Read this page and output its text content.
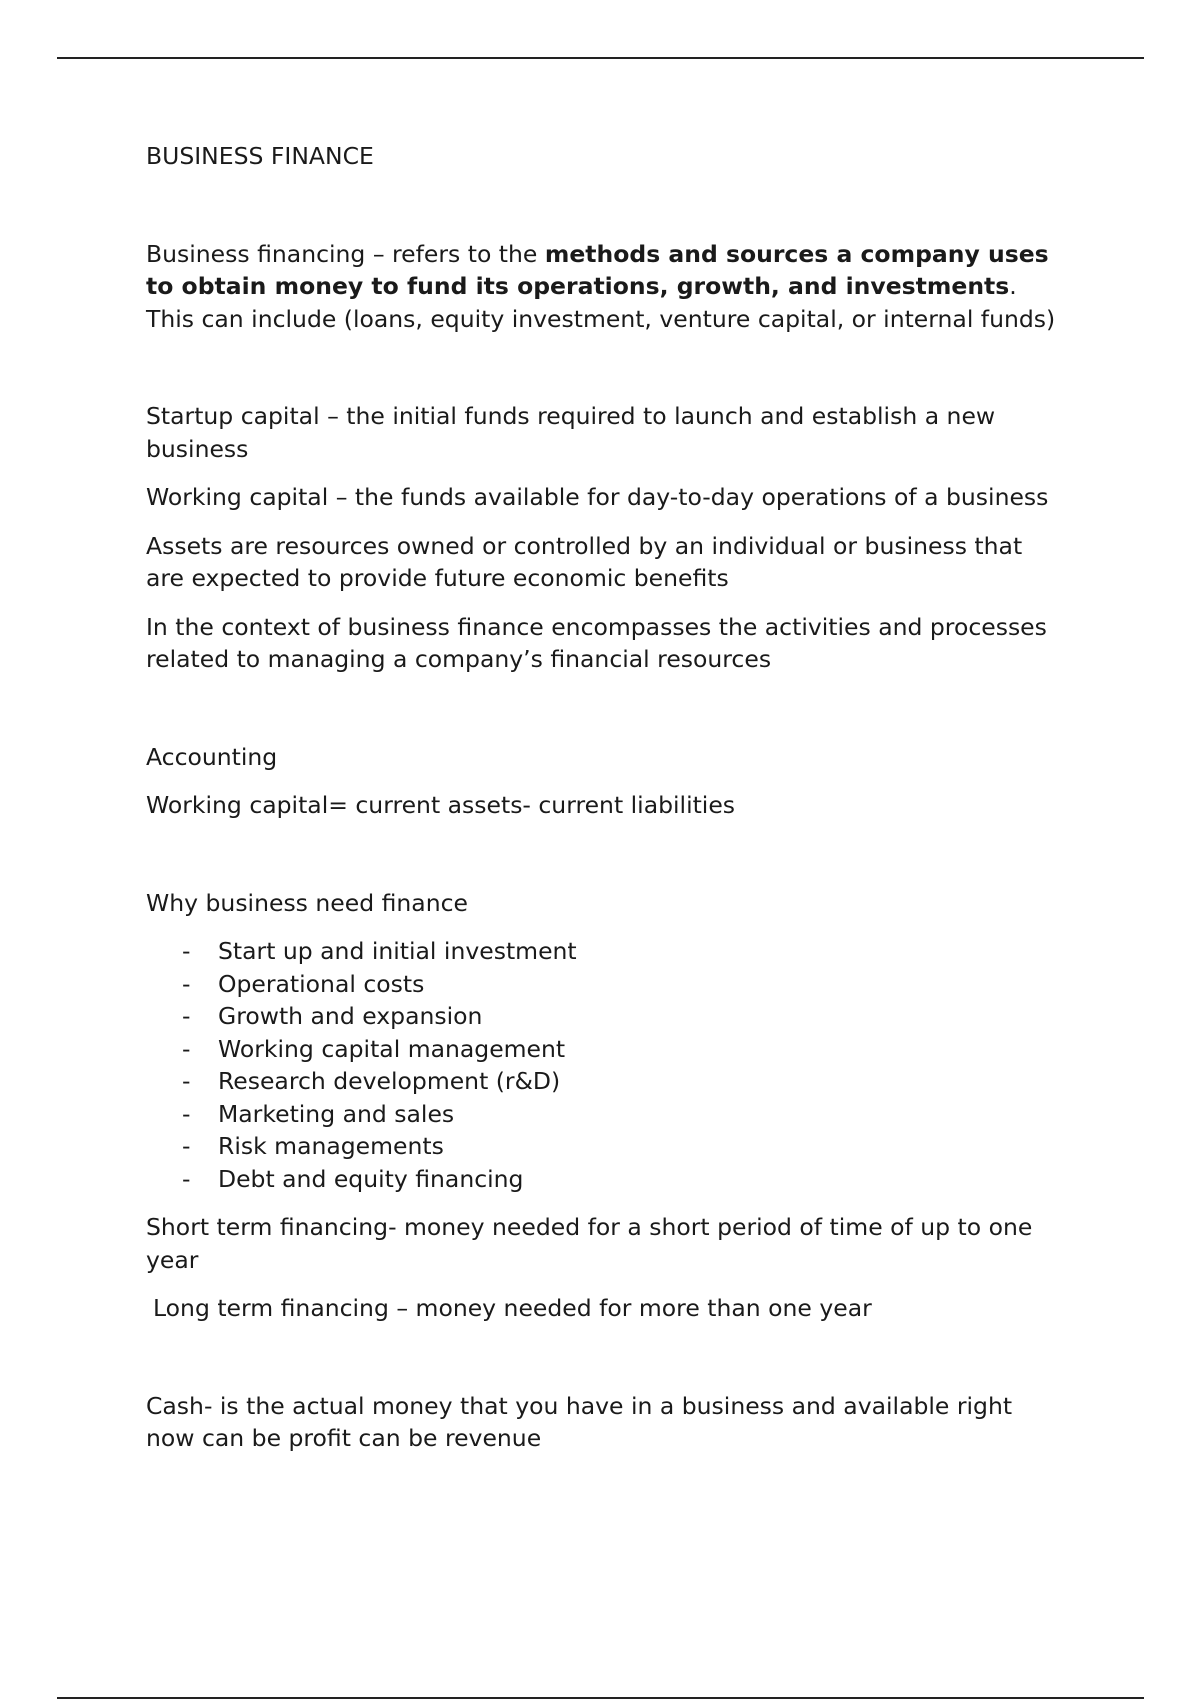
BUSINESS FINANCE

Business financing – refers to the methods and sources a company uses to obtain money to fund its operations, growth, and investments. This can include (loans, equity investment, venture capital, or internal funds)

Startup capital – the initial funds required to launch and establish a new business

Working capital – the funds available for day-to-day operations of a business

Assets are resources owned or controlled by an individual or business that are expected to provide future economic benefits

In the context of business finance encompasses the activities and processes related to managing a company’s financial resources

Accounting

Working capital= current assets- current liabilities

Why business need finance

- Start up and initial investment
- Operational costs
- Growth and expansion
- Working capital management
- Research development (r&D)
- Marketing and sales
- Risk managements
- Debt and equity financing

Short term financing- money needed for a short period of time of up to one year

Long term financing – money needed for more than one year

Cash- is the actual money that you have in a business and available right now can be profit can be revenue
